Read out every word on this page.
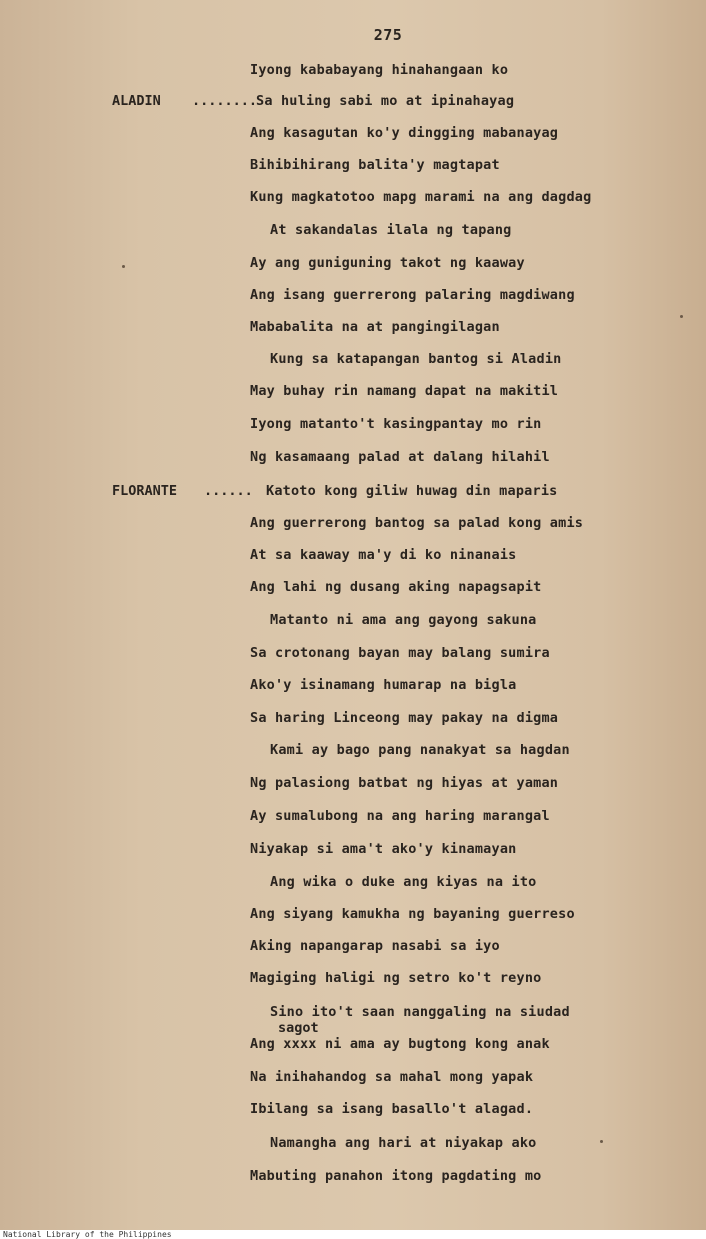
275
ALADIN ........
FLORANTE ......
Iyong kababayang hinahangaan ko
Sa huling sabi mo at ipinahayag
Ang kasagutan ko'y dingging mabanayag
Bihibihirang balita'y magtapat
Kung magkatotoo mapg marami na ang dagdag
At sakandalas ilala ng tapang
Ay ang guniguning takot ng kaaway
Ang isang guerrerong palaring magdiwang
Mababalita na at pangingilagan
Kung sa katapangan bantog si Aladin
May buhay rin namang dapat na makitil
Iyong matanto't kasingpantay mo rin
Ng kasamaang palad at dalang hilahil
Katoto kong giliw huwag din maparis
Ang guerrerong bantog sa palad kong amis
At sa kaaway ma'y di ko ninanais
Ang lahi ng dusang aking napagsapit
Matanto ni ama ang gayong sakuna
Sa crotonang bayan may balang sumira
Ako'y isinamang humarap na bigla
Sa haring Linceong may pakay na digma
Kami ay bago pang nanakyat sa hagdan
Ng palasiong batbat ng hiyas at yaman
Ay sumalubong na ang haring marangal
Niyakap si ama't ako'y kinamayan
Ang wika o duke ang kiyas na ito
Ang siyang kamukha ng bayaning guerreso
Aking napangarap nasabi sa iyo
Magiging haligi ng setro ko't reyno
Sino ito't saan nanggaling na siudad
sagot
Ang xxxx ni ama ay bugtong kong anak
Na inihahandog sa mahal mong yapak
Ibilang sa isang basallo't alagad.
Namangha ang hari at niyakap ako
Mabuting panahon itong pagdating mo
National Library of the Philippines
